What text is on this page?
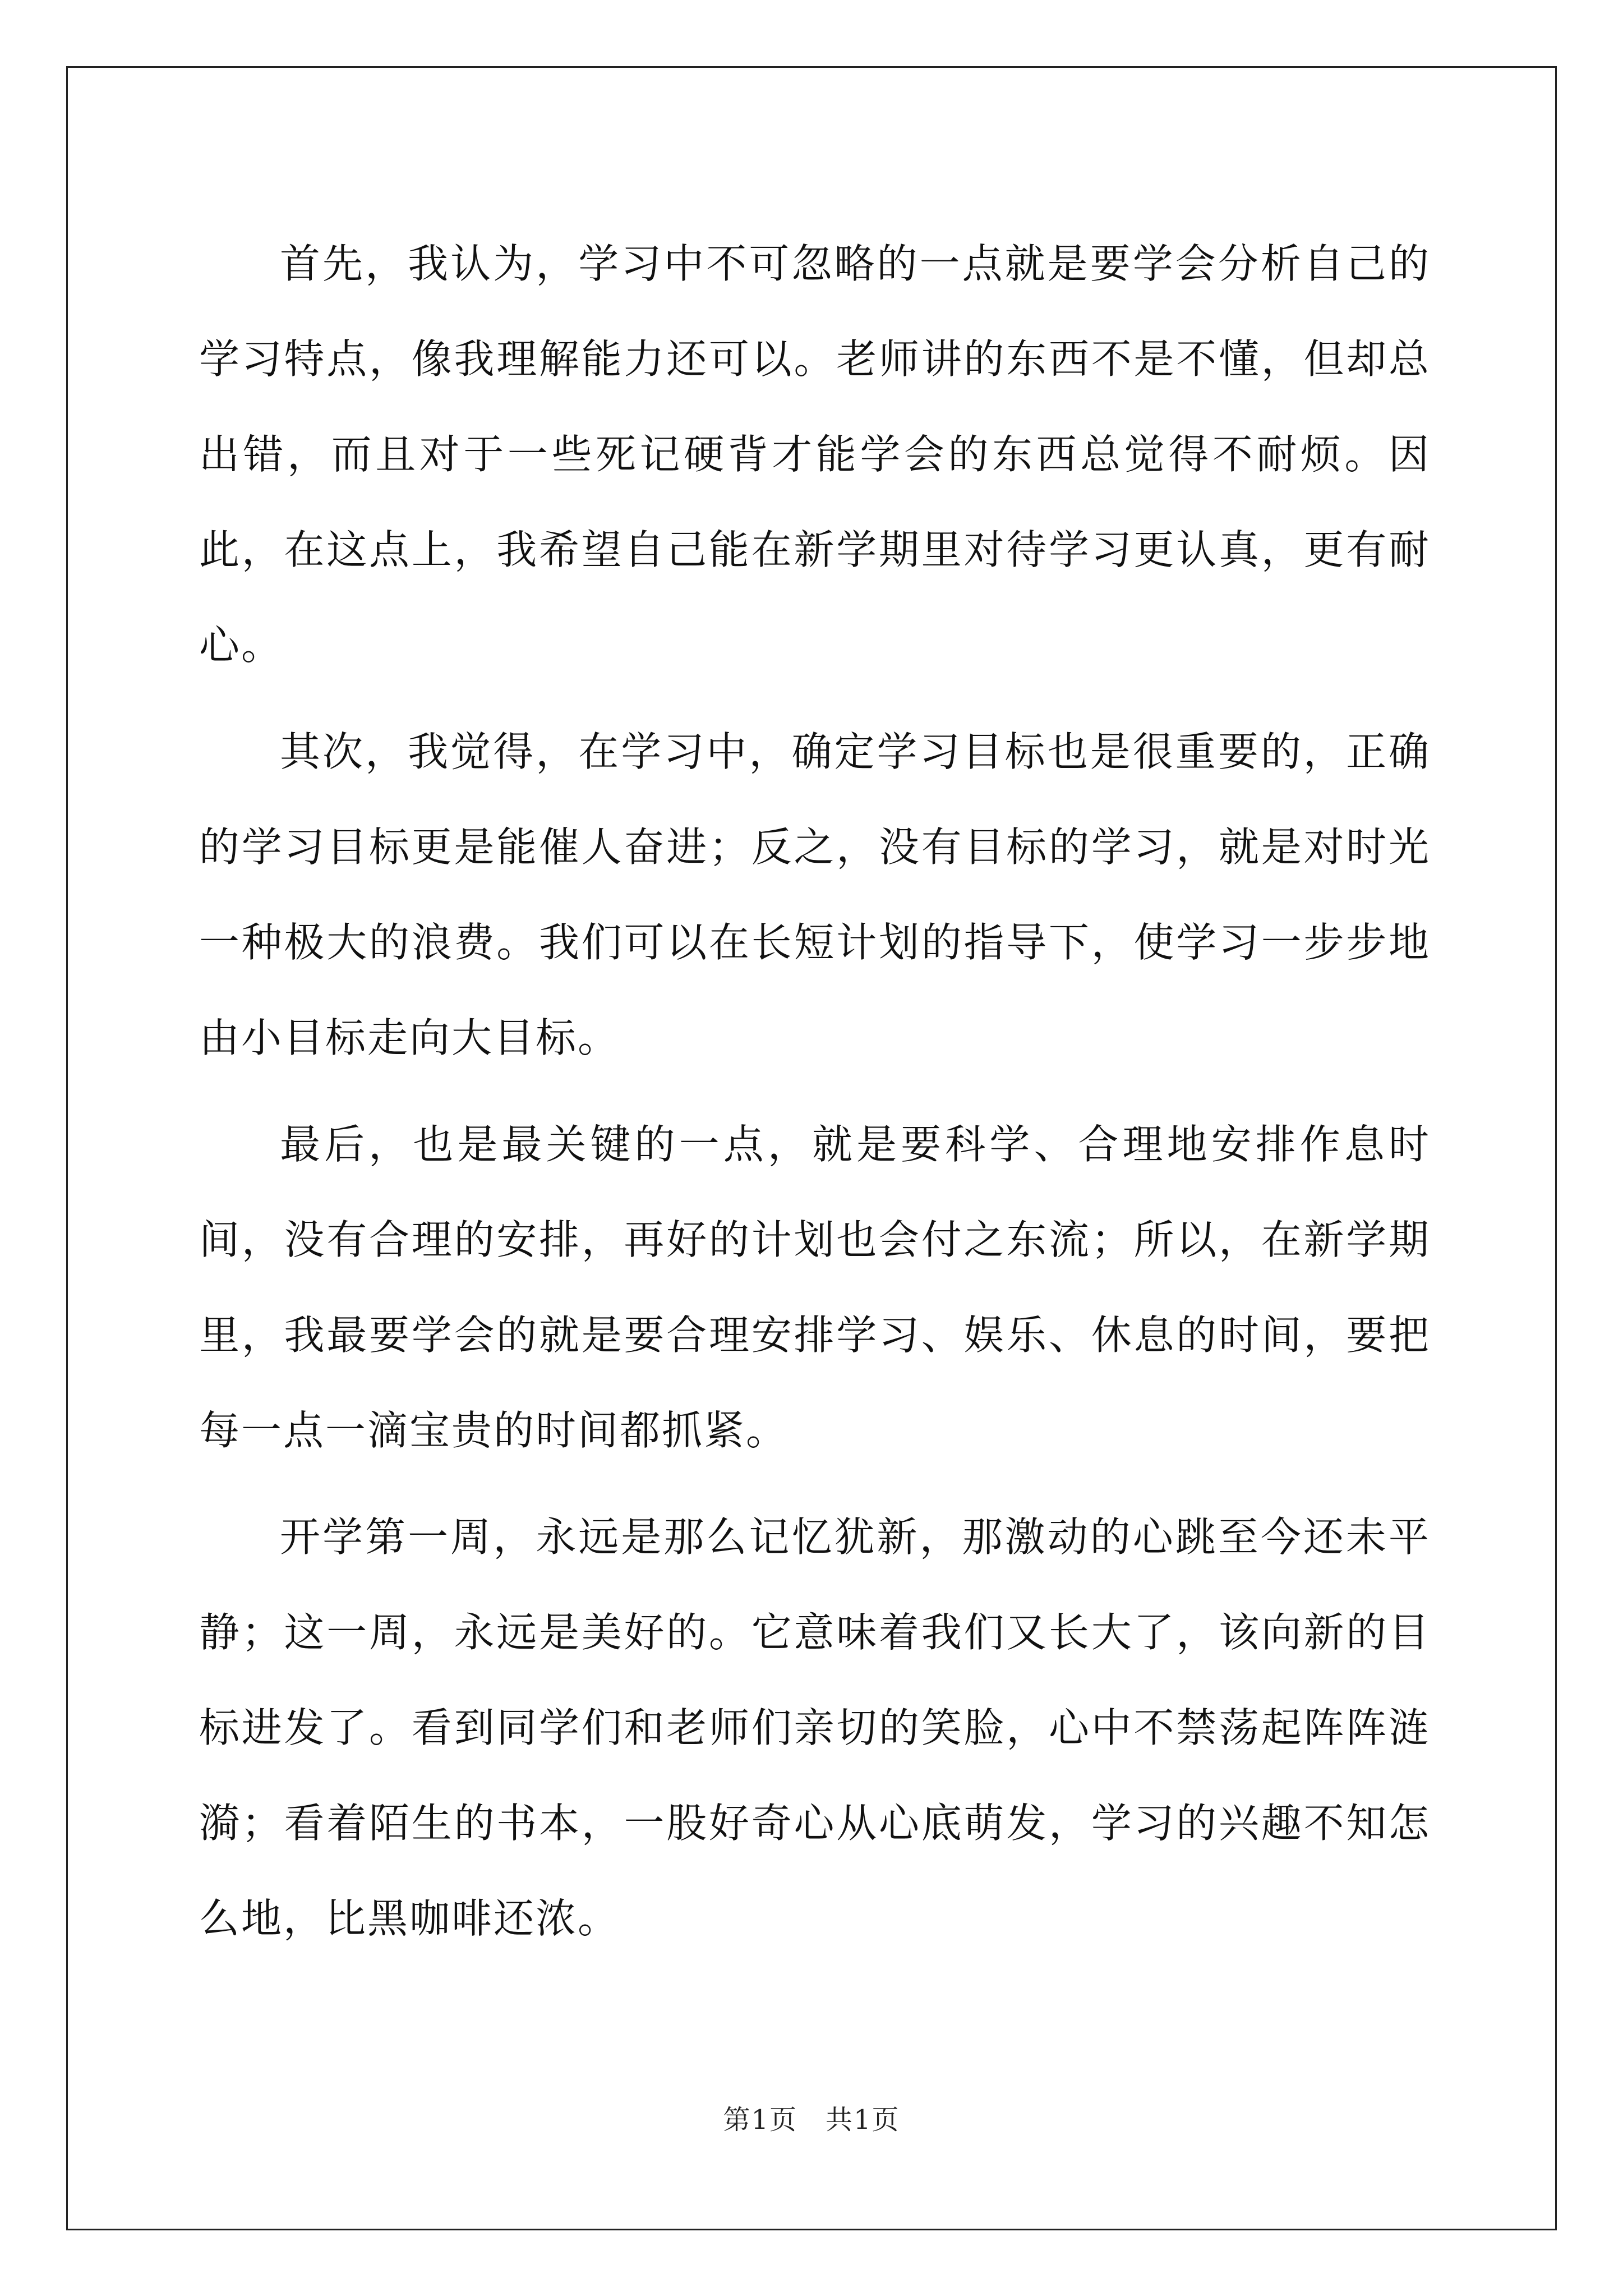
首先，我认为，学习中不可忽略的一点就是要学会分析自己的学习特点，像我理解能力还可以。老师讲的东西不是不懂，但却总出错，而且对于一些死记硬背才能学会的东西总觉得不耐烦。因此，在这点上，我希望自己能在新学期里对待学习更认真，更有耐心。

其次，我觉得，在学习中，确定学习目标也是很重要的，正确的学习目标更是能催人奋进；反之，没有目标的学习，就是对时光一种极大的浪费。我们可以在长短计划的指导下，使学习一步步地由小目标走向大目标。

最后，也是最关键的一点，就是要科学、合理地安排作息时间，没有合理的安排，再好的计划也会付之东流；所以，在新学期里，我最要学会的就是要合理安排学习、娱乐、休息的时间，要把每一点一滴宝贵的时间都抓紧。

开学第一周，永远是那么记忆犹新，那激动的心跳至今还未平静；这一周，永远是美好的。它意味着我们又长大了，该向新的目标进发了。看到同学们和老师们亲切的笑脸，心中不禁荡起阵阵涟漪；看着陌生的书本，一股好奇心从心底萌发，学习的兴趣不知怎么地，比黑咖啡还浓。

第1页　共1页
